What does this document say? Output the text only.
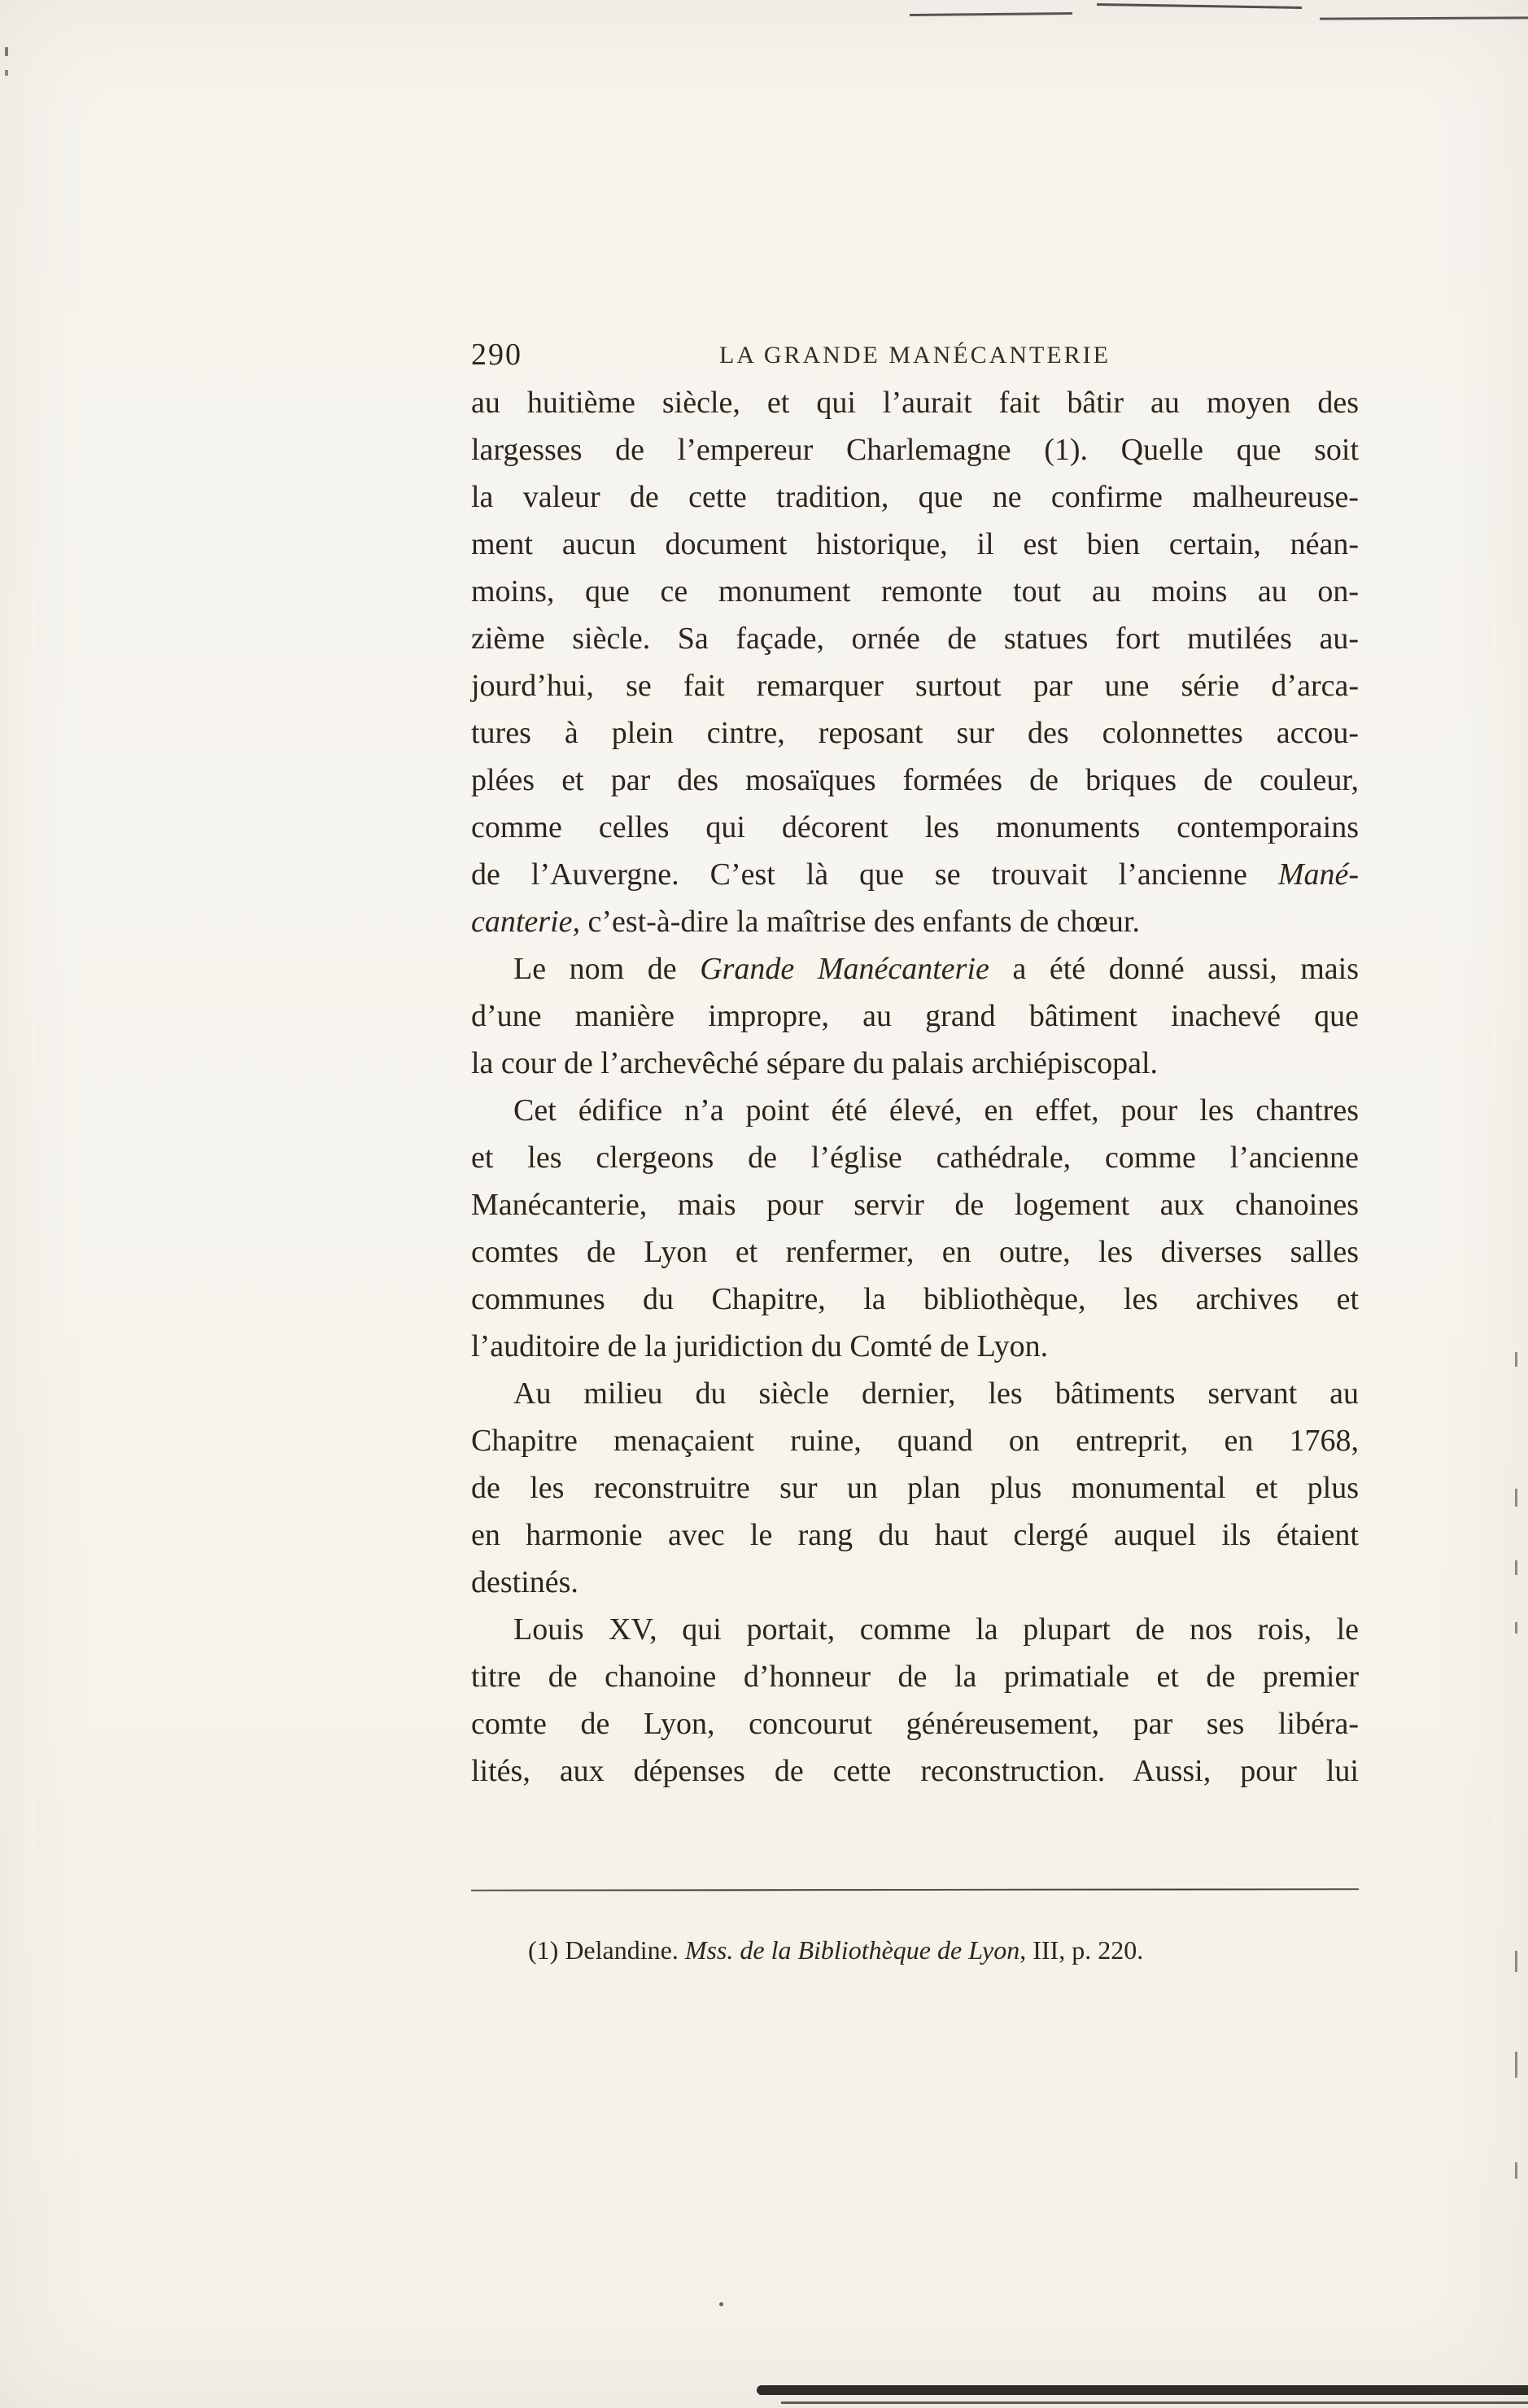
290	LA GRANDE MANÉCANTERIE
au huitième siècle, et qui l’aurait fait bâtir au moyen des
largesses de l’empereur Charlemagne (1). Quelle que soit
la valeur de cette tradition, que ne confirme malheureuse-
ment aucun document historique, il est bien certain, néan-
moins, que ce monument remonte tout au moins au on-
zième siècle. Sa façade, ornée de statues fort mutilées au-
jourd’hui, se fait remarquer surtout par une série d’arca-
tures à plein cintre, reposant sur des colonnettes accou-
plées et par des mosaïques formées de briques de couleur,
comme celles qui décorent les monuments contemporains
de l’Auvergne. C’est là que se trouvait l’ancienne Mané-
canterie, c’est-à-dire la maîtrise des enfants de chœur.
Le nom de Grande Manécanterie a été donné aussi, mais
d’une manière impropre, au grand bâtiment inachevé que
la cour de l’archevêché sépare du palais archiépiscopal.
Cet édifice n’a point été élevé, en effet, pour les chantres
et les clergeons de l’église cathédrale, comme l’ancienne
Manécanterie, mais pour servir de logement aux chanoines
comtes de Lyon et renfermer, en outre, les diverses salles
communes du Chapitre, la bibliothèque, les archives et
l’auditoire de la juridiction du Comté de Lyon.
Au milieu du siècle dernier, les bâtiments servant au
Chapitre menaçaient ruine, quand on entreprit, en 1768,
de les reconstruitre sur un plan plus monumental et plus
en harmonie avec le rang du haut clergé auquel ils étaient
destinés.
Louis XV, qui portait, comme la plupart de nos rois, le
titre de chanoine d’honneur de la primatiale et de premier
comte de Lyon, concourut généreusement, par ses libéra-
lités, aux dépenses de cette reconstruction. Aussi, pour lui
(1) Delandine. Mss. de la Bibliothèque de Lyon, III, p. 220.
